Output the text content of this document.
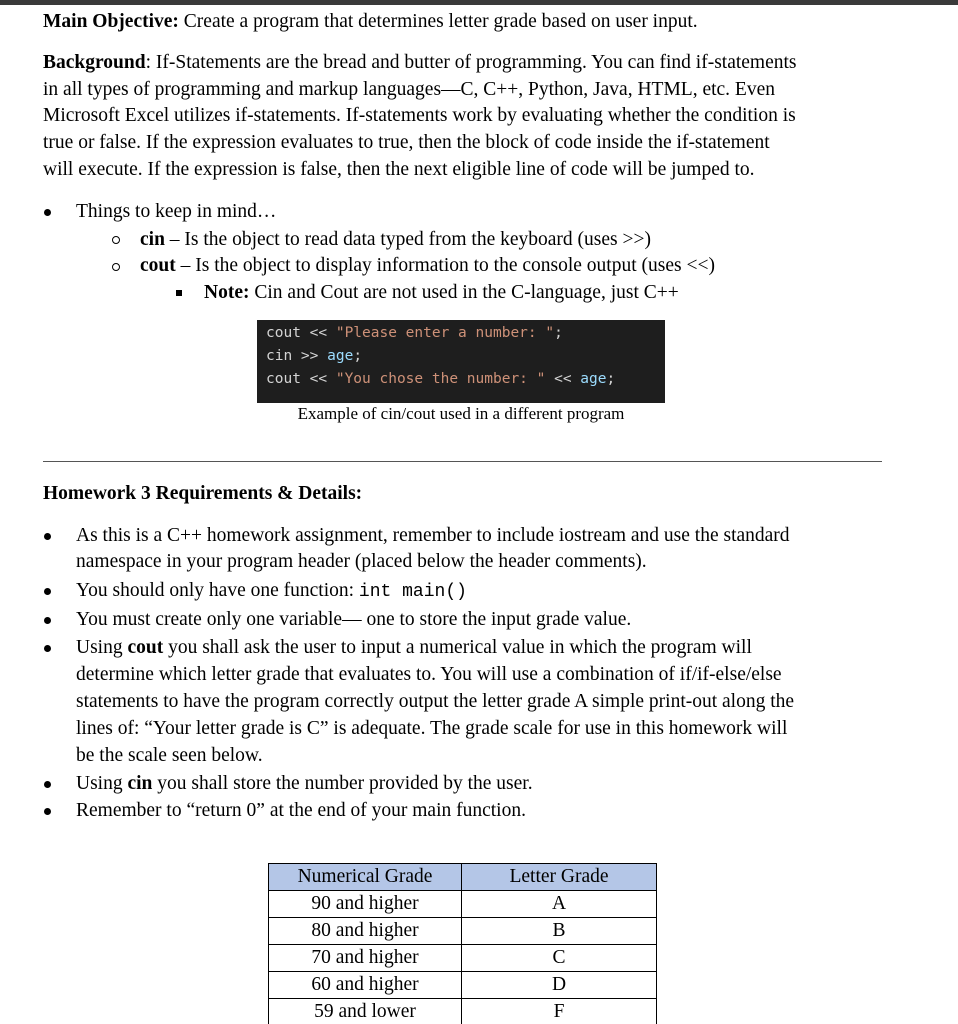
Main Objective: Create a program that determines letter grade based on user input.
Background: If-Statements are the bread and butter of programming. You can find if-statements
in all types of programming and markup languages—C, C++, Python, Java, HTML, etc. Even
Microsoft Excel utilizes if-statements. If-statements work by evaluating whether the condition is
true or false. If the expression evaluates to true, then the block of code inside the if-statement
will execute. If the expression is false, then the next eligible line of code will be jumped to.
Things to keep in mind…
cin – Is the object to read data typed from the keyboard (uses >>)
cout – Is the object to display information to the console output (uses <<)
Note: Cin and Cout are not used in the C-language, just C++
cout << "Please enter a number: ";
cin >> age;
cout << "You chose the number: " << age;
Example of cin/cout used in a different program
Homework 3 Requirements & Details:
As this is a C++ homework assignment, remember to include iostream and use the standard
namespace in your program header (placed below the header comments).
You should only have one function: int main()
You must create only one variable— one to store the input grade value.
Using cout you shall ask the user to input a numerical value in which the program will
determine which letter grade that evaluates to. You will use a combination of if/if-else/else
statements to have the program correctly output the letter grade A simple print-out along the
lines of: “Your letter grade is C” is adequate. The grade scale for use in this homework will
be the scale seen below.
Using cin you shall store the number provided by the user.
Remember to “return 0” at the end of your main function.
Numerical Grade	Letter Grade
90 and higher	A
80 and higher	B
70 and higher	C
60 and higher	D
59 and lower	F
